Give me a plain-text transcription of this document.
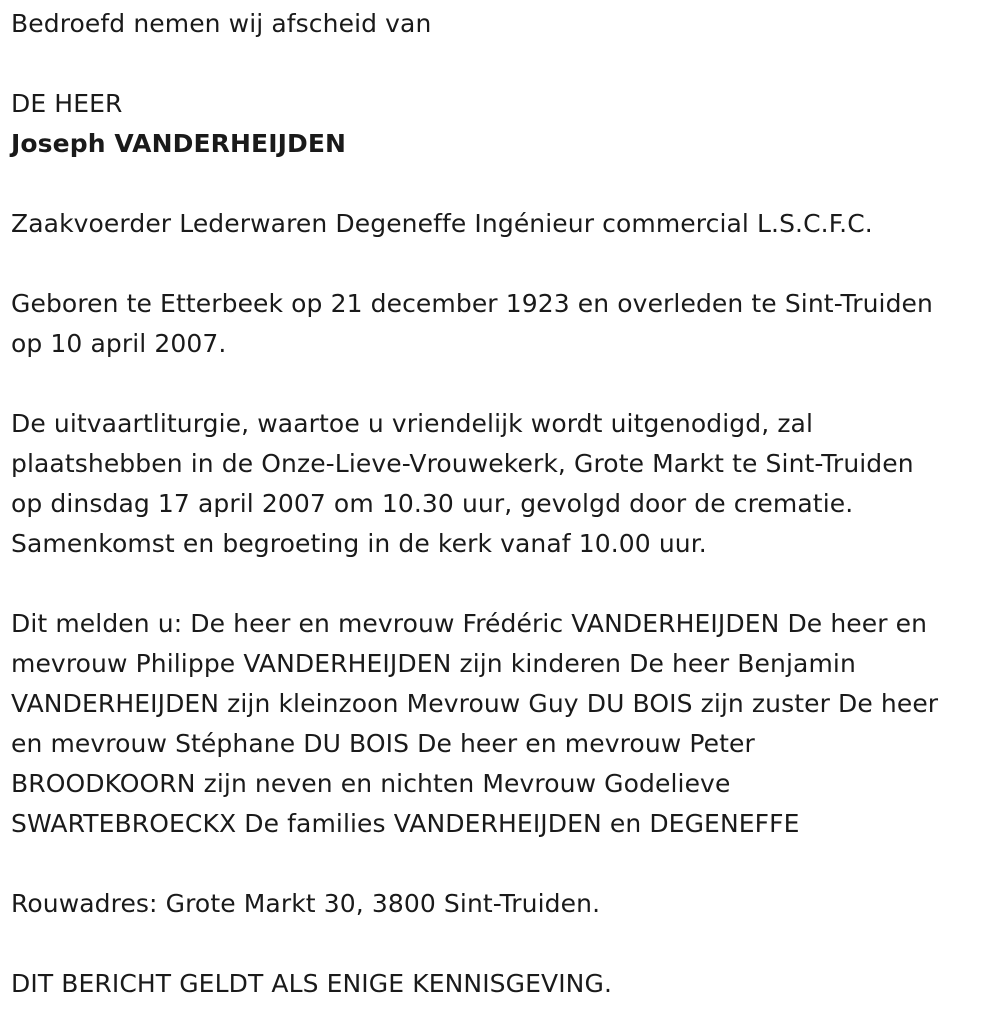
Bedroefd nemen wij afscheid van
DE HEER
Joseph VANDERHEIJDEN
Zaakvoerder Lederwaren Degeneffe Ingénieur commercial L.S.C.F.C.
Geboren te Etterbeek op 21 december 1923 en overleden te Sint-Truiden
op 10 april 2007.
De uitvaartliturgie, waartoe u vriendelijk wordt uitgenodigd, zal
plaatshebben in de Onze-Lieve-Vrouwekerk, Grote Markt te Sint-Truiden
op dinsdag 17 april 2007 om 10.30 uur, gevolgd door de crematie.
Samenkomst en begroeting in de kerk vanaf 10.00 uur.
Dit melden u: De heer en mevrouw Frédéric VANDERHEIJDEN De heer en
mevrouw Philippe VANDERHEIJDEN zijn kinderen De heer Benjamin
VANDERHEIJDEN zijn kleinzoon Mevrouw Guy DU BOIS zijn zuster De heer
en mevrouw Stéphane DU BOIS De heer en mevrouw Peter
BROODKOORN zijn neven en nichten Mevrouw Godelieve
SWARTEBROECKX De families VANDERHEIJDEN en DEGENEFFE
Rouwadres: Grote Markt 30, 3800 Sint-Truiden.
DIT BERICHT GELDT ALS ENIGE KENNISGEVING.
